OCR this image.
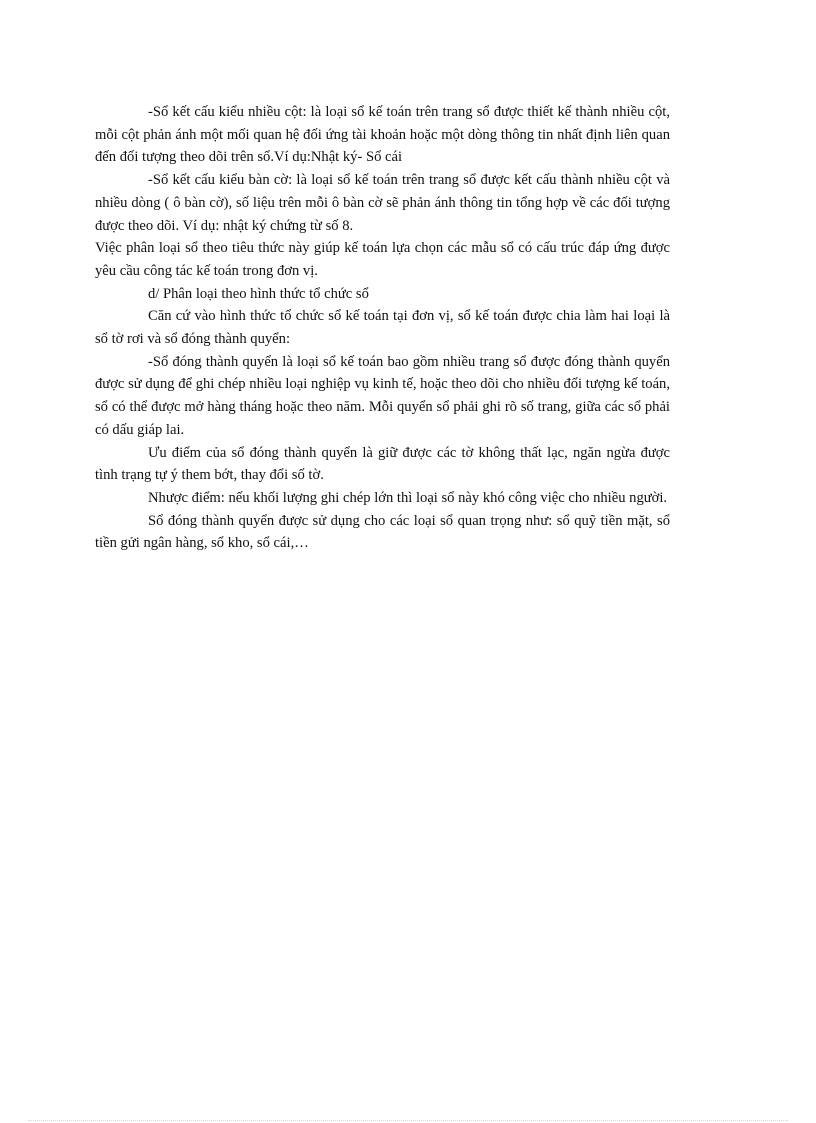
-Sổ kết cấu kiểu nhiều cột: là loại sổ kế toán trên trang sổ được thiết kế thành nhiều cột, mỗi cột phản ánh một mối quan hệ đối ứng tài khoản hoặc một dòng thông tin nhất định liên quan đến đối tượng theo dõi trên sổ.Ví dụ:Nhật ký- Sổ cái

-Sổ kết cấu kiểu bàn cờ: là loại sổ kế toán trên trang sổ được kết cấu thành nhiều cột và nhiều dòng ( ô bàn cờ), số liệu trên mỗi ô bàn cờ sẽ phản ánh thông tin tổng hợp về các đối tượng được theo dõi. Ví dụ: nhật ký chứng từ số 8.

Việc phân loại sổ theo tiêu thức này giúp kế toán lựa chọn các mẫu sổ có cấu trúc đáp ứng được yêu cầu công tác kế toán trong đơn vị.

d/ Phân loại theo hình thức tổ chức sổ

Căn cứ vào hình thức tổ chức sổ kế toán tại đơn vị, sổ kế toán được chia làm hai loại là sổ tờ rơi và sổ đóng thành quyển:

-Sổ đóng thành quyển là loại sổ kế toán bao gồm nhiều trang sổ được đóng thành quyển được sử dụng để ghi chép nhiều loại nghiệp vụ kinh tế, hoặc theo dõi cho nhiều đối tượng kế toán, sổ có thể được mở hàng tháng hoặc theo năm. Mỗi quyển sổ phải ghi rõ số trang, giữa các sổ phải có dấu giáp lai.

Ưu điểm của sổ đóng thành quyển là giữ được các tờ không thất lạc, ngăn ngừa được tình trạng tự ý them bớt, thay đổi số tờ.

Nhược điểm: nếu khối lượng ghi chép lớn thì loại sổ này khó công việc cho nhiều người.

Sổ đóng thành quyển được sử dụng cho các loại sổ quan trọng như: sổ quỹ tiền mặt, sổ tiền gửi ngân hàng, sổ kho, sổ cái,…
